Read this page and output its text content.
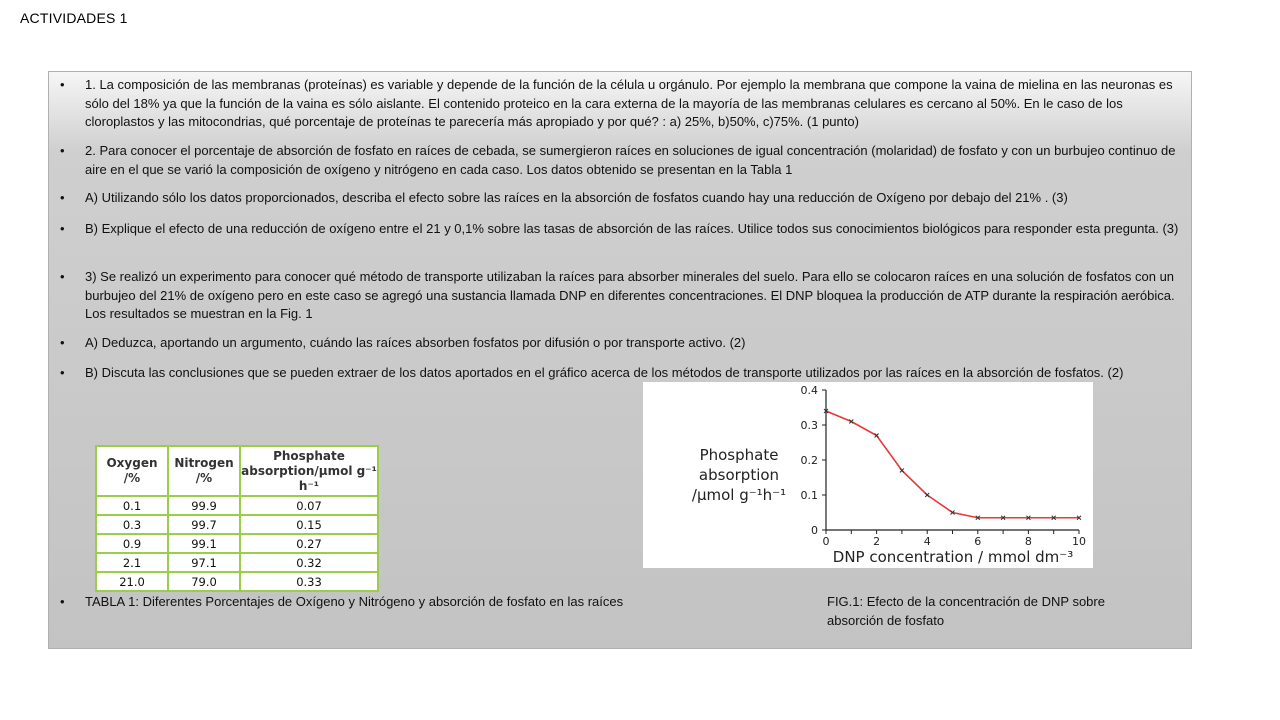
ACTIVIDADES 1
• 1. La composición de las membranas (proteínas) es variable y depende de la función de la célula u orgánulo. Por ejemplo la membrana que compone la vaina de mielina en las neuronas es sólo del 18% ya que la función de la vaina es sólo aislante. El contenido proteico en la cara externa de la mayoría de las membranas celulares es cercano al 50%. En le caso de los cloroplastos y las mitocondrias, qué porcentaje de proteínas te parecería más apropiado y por qué? : a) 25%, b)50%, c)75%. (1 punto)
• 2. Para conocer el porcentaje de absorción de fosfato en raíces de cebada, se sumergieron raíces en soluciones de igual concentración (molaridad) de fosfato y con un burbujeo continuo de aire en el que se varió la composición de oxígeno y nitrógeno en cada caso. Los datos obtenido se presentan en la Tabla 1
• A) Utilizando sólo los datos proporcionados, describa el efecto sobre las raíces en la absorción de fosfatos cuando hay una reducción de Oxígeno por debajo del 21% . (3)
• B) Explique el efecto de una reducción de oxígeno entre el 21 y 0,1% sobre las tasas de absorción de las raíces. Utilice todos sus conocimientos biológicos para responder esta pregunta. (3)
• 3) Se realizó un experimento para conocer qué método de transporte utilizaban la raíces para absorber minerales del suelo. Para ello se colocaron raíces en una solución de fosfatos con un burbujeo del 21% de oxígeno pero en este caso se agregó una sustancia llamada DNP en diferentes concentraciones. El DNP bloquea la producción de ATP durante la respiración aeróbica. Los resultados se muestran en la Fig. 1
• A) Deduzca, aportando un argumento, cuándo las raíces absorben fosfatos por difusión o por transporte activo. (2)
• B) Discuta las conclusiones que se pueden extraer de los datos aportados en el gráfico acerca de los métodos de transporte utilizados por las raíces en la absorción de fosfatos. (2)
• TABLA 1: Diferentes Porcentajes de Oxígeno y Nitrógeno y absorción de fosfato en las raíces	FIG.1: Efecto de la concentración de DNP sobre absorción de fosfato
Oxygen /%	Nitrogen /%	Phosphate absorption/μmol g⁻¹ h⁻¹
0.1	99.9	0.07
0.3	99.7	0.15
0.9	99.1	0.27
2.1	97.1	0.32
21.0	79.0	0.33
0
0.1
0.2
0.3
0.4
0	2	4	6	8	10
Phosphate
absorption
/μmol g⁻¹h⁻¹
DNP concentration / mmol dm⁻³
